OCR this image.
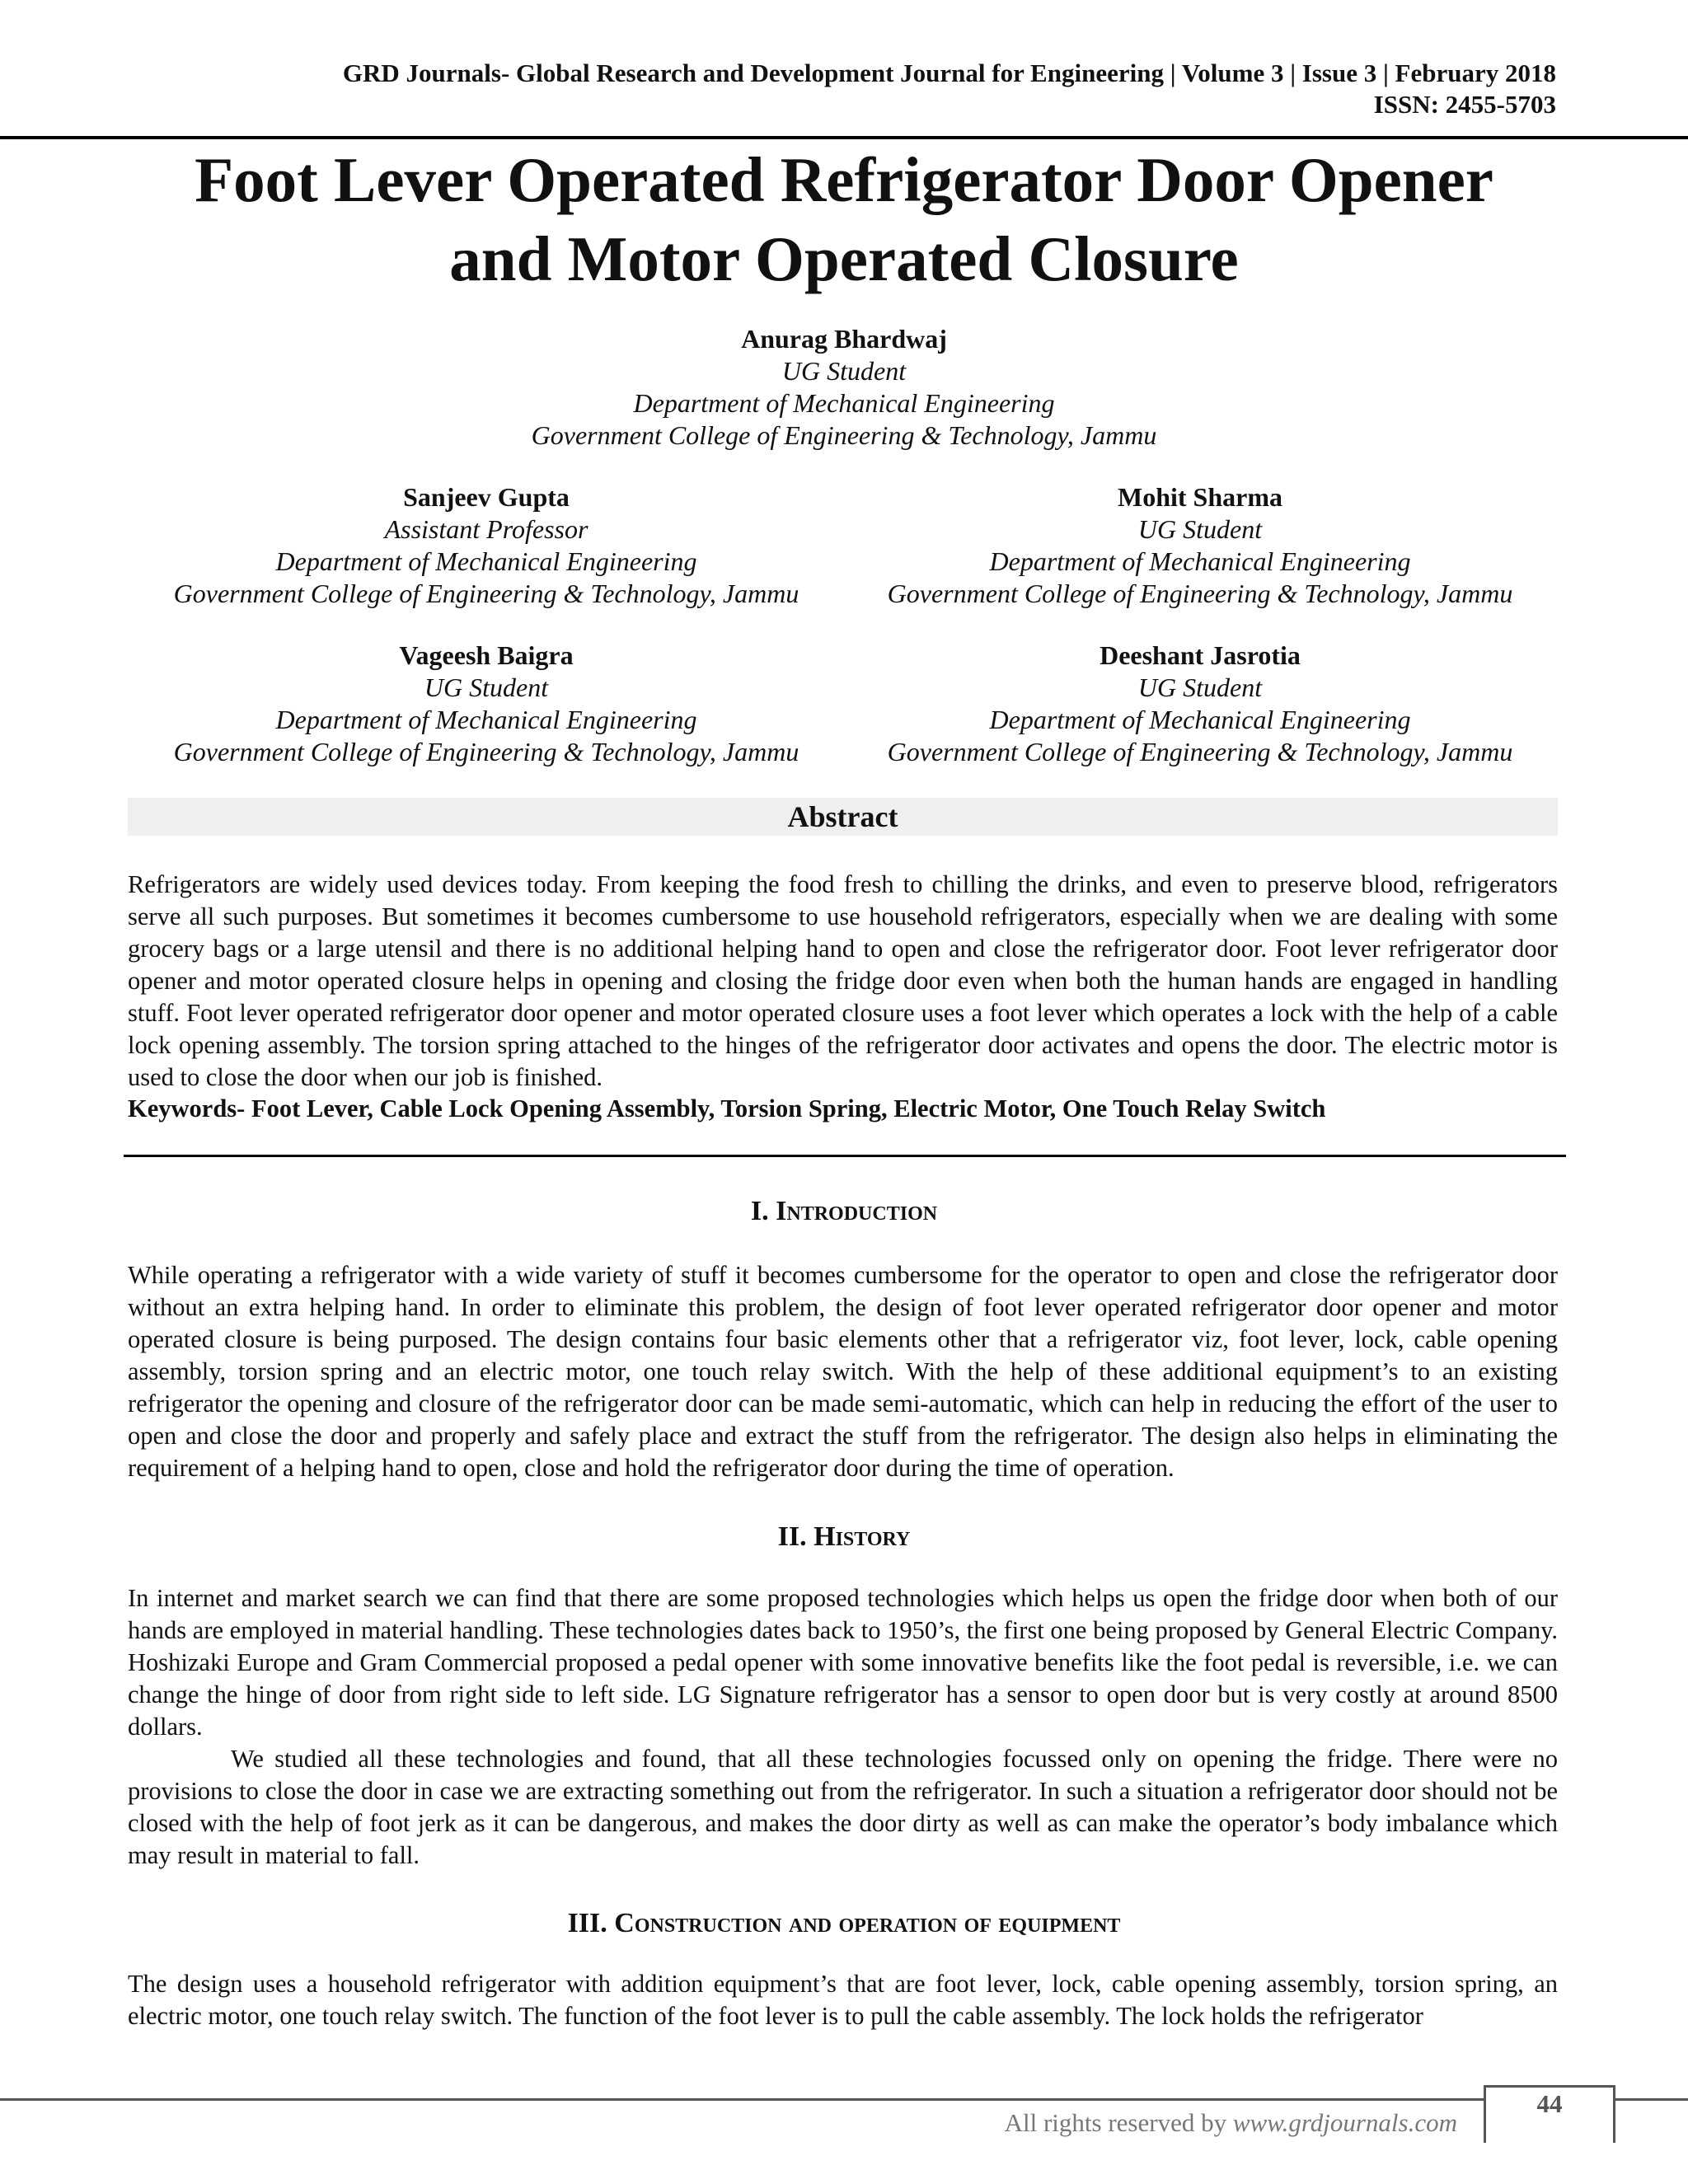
GRD Journals- Global Research and Development Journal for Engineering | Volume 3 | Issue 3 | February 2018
ISSN: 2455-5703
Foot Lever Operated Refrigerator Door Opener
and Motor Operated Closure
Anurag Bhardwaj
UG Student
Department of Mechanical Engineering
Government College of Engineering & Technology, Jammu
Sanjeev Gupta
Assistant Professor
Department of Mechanical Engineering
Government College of Engineering & Technology, Jammu
Mohit Sharma
UG Student
Department of Mechanical Engineering
Government College of Engineering & Technology, Jammu
Vageesh Baigra
UG Student
Department of Mechanical Engineering
Government College of Engineering & Technology, Jammu
Deeshant Jasrotia
UG Student
Department of Mechanical Engineering
Government College of Engineering & Technology, Jammu
Abstract
Refrigerators are widely used devices today. From keeping the food fresh to chilling the drinks, and even to preserve blood, refrigerators serve all such purposes. But sometimes it becomes cumbersome to use household refrigerators, especially when we are dealing with some grocery bags or a large utensil and there is no additional helping hand to open and close the refrigerator door. Foot lever refrigerator door opener and motor operated closure helps in opening and closing the fridge door even when both the human hands are engaged in handling stuff. Foot lever operated refrigerator door opener and motor operated closure uses a foot lever which operates a lock with the help of a cable lock opening assembly. The torsion spring attached to the hinges of the refrigerator door activates and opens the door. The electric motor is used to close the door when our job is finished.
Keywords- Foot Lever, Cable Lock Opening Assembly, Torsion Spring, Electric Motor, One Touch Relay Switch
I. Introduction
While operating a refrigerator with a wide variety of stuff it becomes cumbersome for the operator to open and close the refrigerator door without an extra helping hand. In order to eliminate this problem, the design of foot lever operated refrigerator door opener and motor operated closure is being purposed. The design contains four basic elements other that a refrigerator viz, foot lever, lock, cable opening assembly, torsion spring and an electric motor, one touch relay switch. With the help of these additional equipment’s to an existing refrigerator the opening and closure of the refrigerator door can be made semi-automatic, which can help in reducing the effort of the user to open and close the door and properly and safely place and extract the stuff from the refrigerator. The design also helps in eliminating the requirement of a helping hand to open, close and hold the refrigerator door during the time of operation.
II. History
In internet and market search we can find that there are some proposed technologies which helps us open the fridge door when both of our hands are employed in material handling. These technologies dates back to 1950’s, the first one being proposed by General Electric Company. Hoshizaki Europe and Gram Commercial proposed a pedal opener with some innovative benefits like the foot pedal is reversible, i.e. we can change the hinge of door from right side to left side. LG Signature refrigerator has a sensor to open door but is very costly at around 8500 dollars.
We studied all these technologies and found, that all these technologies focussed only on opening the fridge. There were no provisions to close the door in case we are extracting something out from the refrigerator. In such a situation a refrigerator door should not be closed with the help of foot jerk as it can be dangerous, and makes the door dirty as well as can make the operator’s body imbalance which may result in material to fall.
III. Construction and operation of equipment
The design uses a household refrigerator with addition equipment’s that are foot lever, lock, cable opening assembly, torsion spring, an electric motor, one touch relay switch. The function of the foot lever is to pull the cable assembly. The lock holds the refrigerator
All rights reserved by www.grdjournals.com
44
